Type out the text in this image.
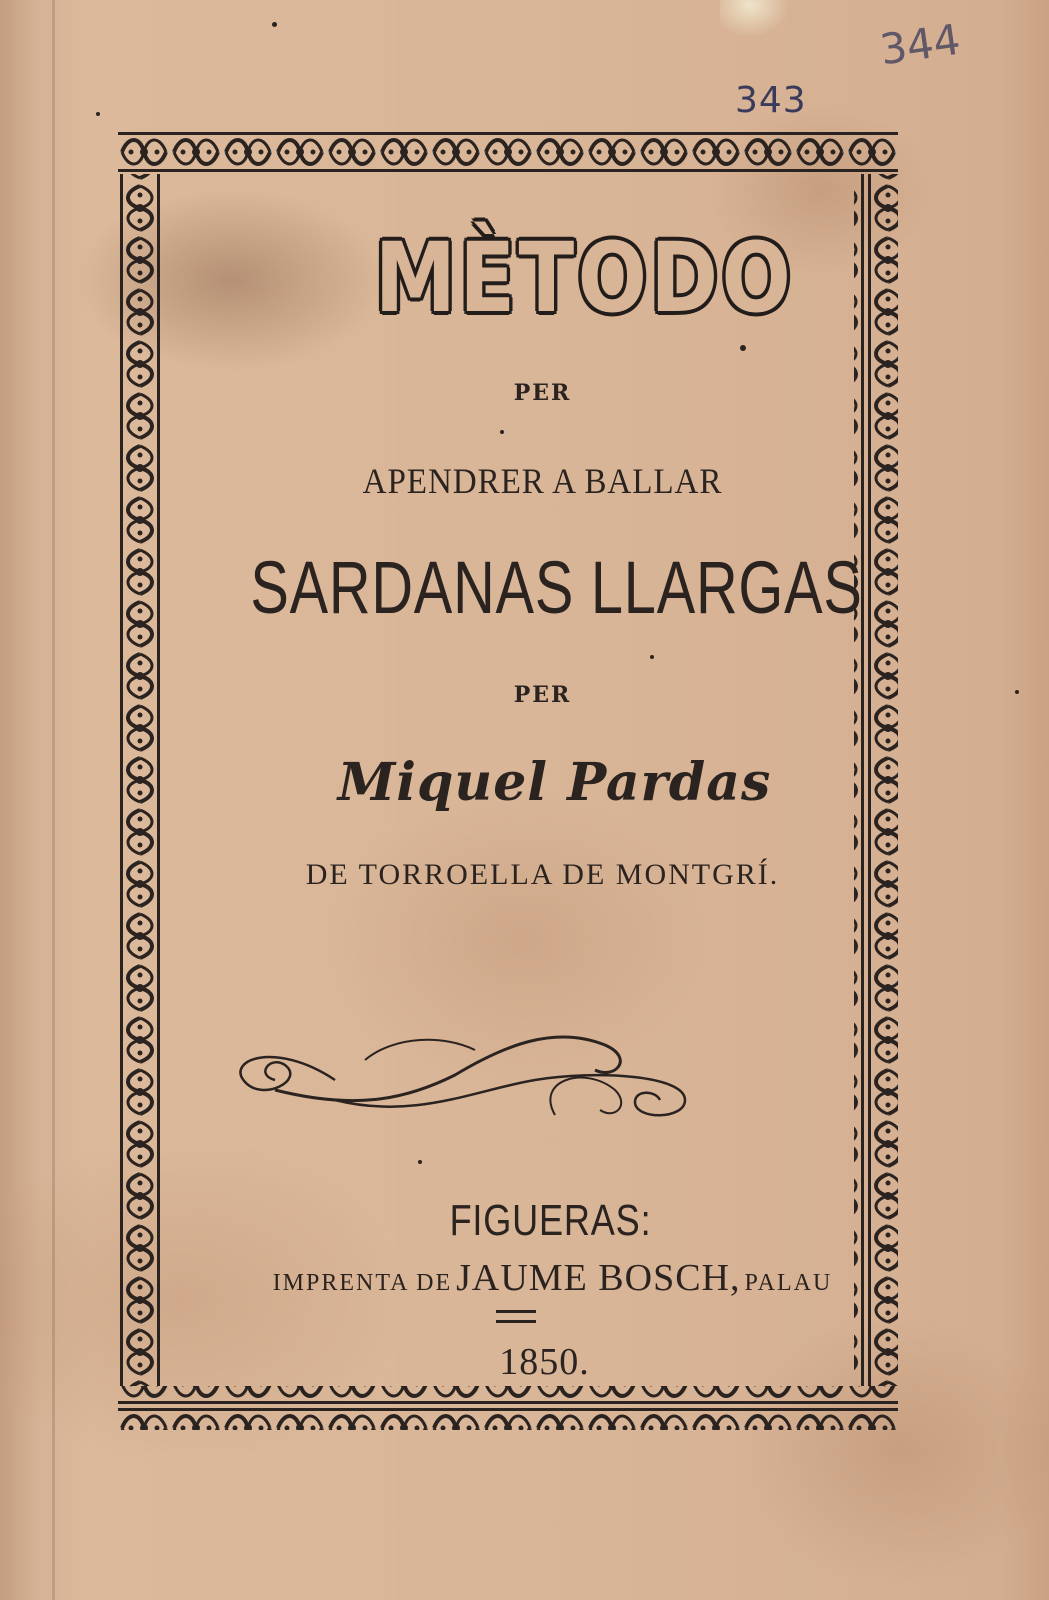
344
343
MÈTODO
PER
APENDRER A BALLAR
SARDANAS LLARGAS
PER
Miquel Pardas
DE TORROELLA DE MONTGRÍ.
FIGUERAS:
IMPRENTA DE JAUME BOSCH, PALAU
1850.
